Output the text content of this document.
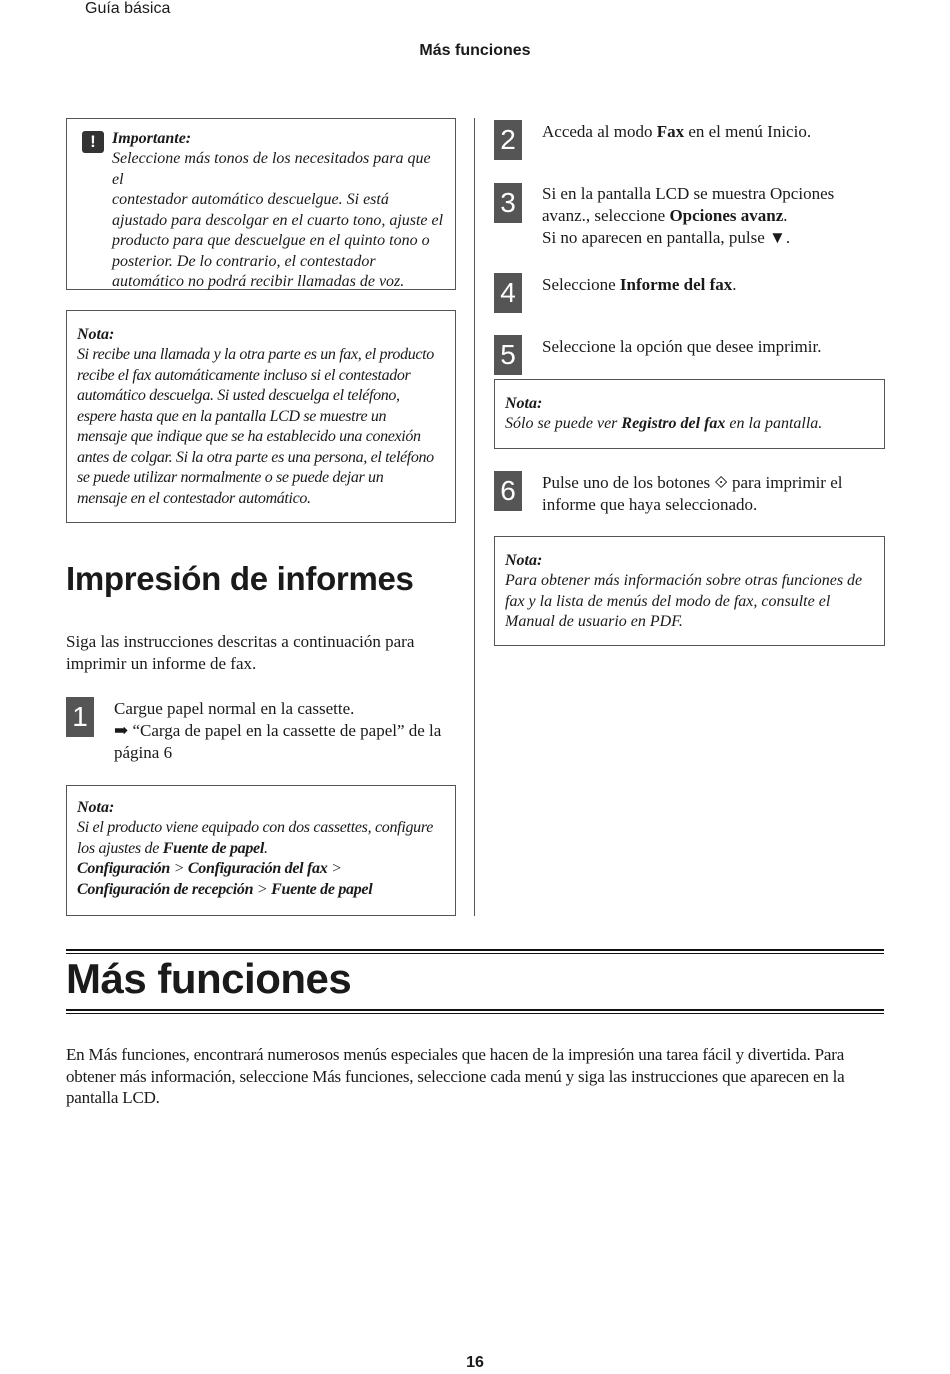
Guía básica
Más funciones
!	Importante:
Seleccione más tonos de los necesitados para que el
contestador automático descuelgue. Si está
ajustado para descolgar en el cuarto tono, ajuste el
producto para que descuelgue en el quinto tono o
posterior. De lo contrario, el contestador
automático no podrá recibir llamadas de voz.
Nota:
Si recibe una llamada y la otra parte es un fax, el producto
recibe el fax automáticamente incluso si el contestador
automático descuelga. Si usted descuelga el teléfono,
espere hasta que en la pantalla LCD se muestre un
mensaje que indique que se ha establecido una conexión
antes de colgar. Si la otra parte es una persona, el teléfono
se puede utilizar normalmente o se puede dejar un
mensaje en el contestador automático.
Impresión de informes
Siga las instrucciones descritas a continuación para
imprimir un informe de fax.
1	Cargue papel normal en la cassette.
➡ “Carga de papel en la cassette de papel” de la
página 6
Nota:
Si el producto viene equipado con dos cassettes, configure
los ajustes de Fuente de papel.
Configuración > Configuración del fax >
Configuración de recepción > Fuente de papel
2	Acceda al modo Fax en el menú Inicio.
3	Si en la pantalla LCD se muestra Opciones
avanz., seleccione Opciones avanz.
Si no aparecen en pantalla, pulse ▼.
4	Seleccione Informe del fax.
5	Seleccione la opción que desee imprimir.
Nota:
Sólo se puede ver Registro del fax en la pantalla.
6	Pulse uno de los botones ⟐ para imprimir el
informe que haya seleccionado.
Nota:
Para obtener más información sobre otras funciones de
fax y la lista de menús del modo de fax, consulte el
Manual de usuario en PDF.
Más funciones
En Más funciones, encontrará numerosos menús especiales que hacen de la impresión una tarea fácil y divertida. Para
obtener más información, seleccione Más funciones, seleccione cada menú y siga las instrucciones que aparecen en la
pantalla LCD.
16
